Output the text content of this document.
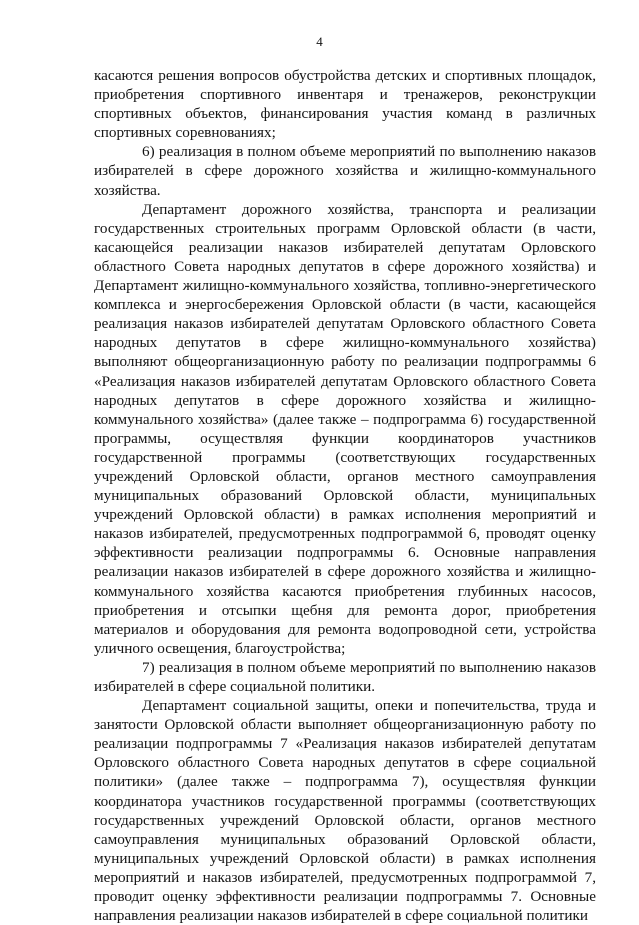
4

касаются решения вопросов обустройства детских и спортивных площадок, приобретения спортивного инвентаря и тренажеров, реконструкции спортивных объектов, финансирования участия команд в различных спортивных соревнованиях;

6) реализация в полном объеме мероприятий по выполнению наказов избирателей в сфере дорожного хозяйства и жилищно-коммунального хозяйства.

Департамент дорожного хозяйства, транспорта и реализации государственных строительных программ Орловской области (в части, касающейся реализации наказов избирателей депутатам Орловского областного Совета народных депутатов в сфере дорожного хозяйства) и Департамент жилищно-коммунального хозяйства, топливно-энергетического комплекса и энергосбережения Орловской области (в части, касающейся реализация наказов избирателей депутатам Орловского областного Совета народных депутатов в сфере жилищно-коммунального хозяйства) выполняют общеорганизационную работу по реализации подпрограммы 6 «Реализация наказов избирателей депутатам Орловского областного Совета народных депутатов в сфере дорожного хозяйства и жилищно-коммунального хозяйства» (далее также – подпрограмма 6) государственной программы, осуществляя функции координаторов участников государственной программы (соответствующих государственных учреждений Орловской области, органов местного самоуправления муниципальных образований Орловской области, муниципальных учреждений Орловской области) в рамках исполнения мероприятий и наказов избирателей, предусмотренных подпрограммой 6, проводят оценку эффективности реализации подпрограммы 6. Основные направления реализации наказов избирателей в сфере дорожного хозяйства и жилищно-коммунального хозяйства касаются приобретения глубинных насосов, приобретения и отсыпки щебня для ремонта дорог, приобретения материалов и оборудования для ремонта водопроводной сети, устройства уличного освещения, благоустройства;

7) реализация в полном объеме мероприятий по выполнению наказов избирателей в сфере социальной политики.

Департамент социальной защиты, опеки и попечительства, труда и занятости Орловской области выполняет общеорганизационную работу по реализации подпрограммы 7 «Реализация наказов избирателей депутатам Орловского областного Совета народных депутатов в сфере социальной политики» (далее также – подпрограмма 7), осуществляя функции координатора участников государственной программы (соответствующих государственных учреждений Орловской области, органов местного самоуправления муниципальных образований Орловской области, муниципальных учреждений Орловской области) в рамках исполнения мероприятий и наказов избирателей, предусмотренных подпрограммой 7, проводит оценку эффективности реализации подпрограммы 7. Основные направления реализации наказов избирателей в сфере социальной политики
